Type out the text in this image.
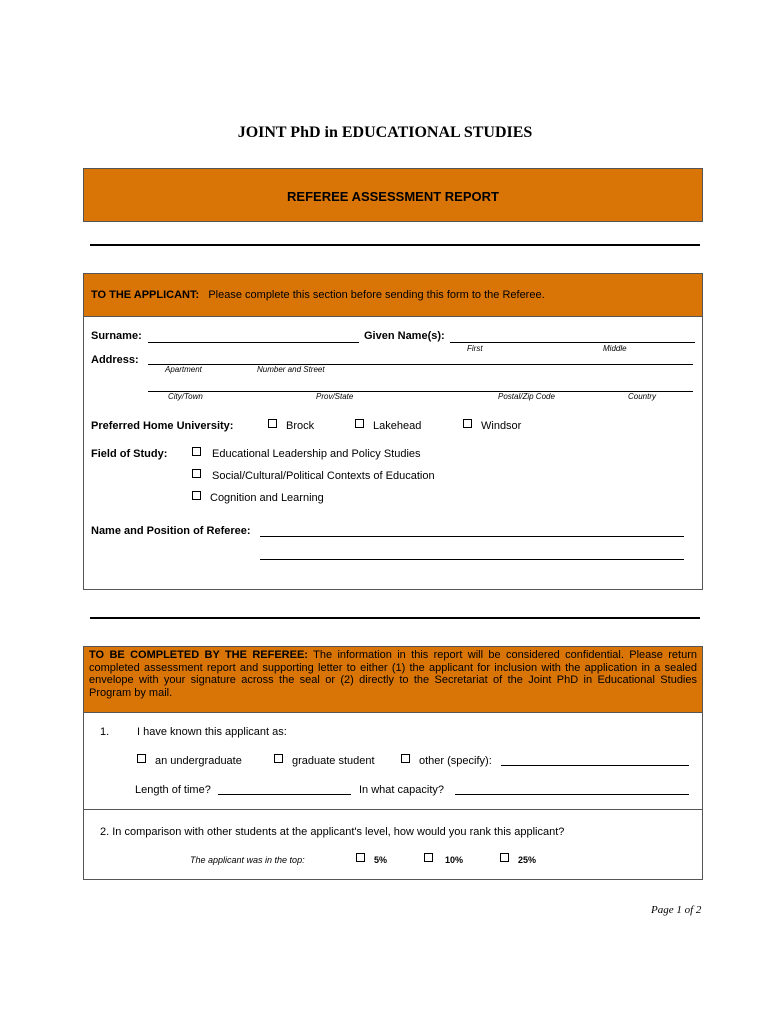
JOINT PhD in EDUCATIONAL STUDIES
REFEREE ASSESSMENT REPORT
TO THE APPLICANT: Please complete this section before sending this form to the Referee.
Surname:	Given Name(s):
First	Middle
Address:
Apartment	Number and Street
City/Town	Prov/State	Postal/Zip Code	Country
Preferred Home University:	Brock	Lakehead	Windsor
Field of Study:	Educational Leadership and Policy Studies
Social/Cultural/Political Contexts of Education
Cognition and Learning
Name and Position of Referee:
TO BE COMPLETED BY THE REFEREE: The information in this report will be considered confidential. Please return completed assessment report and supporting letter to either (1) the applicant for inclusion with the application in a sealed envelope with your signature across the seal or (2) directly to the Secretariat of the Joint PhD in Educational Studies Program by mail.
1.	I have known this applicant as:
an undergraduate	graduate student	other (specify):
Length of time?	In what capacity?
2. In comparison with other students at the applicant's level, how would you rank this applicant?
The applicant was in the top:	5%	10%	25%
Page 1 of 2
